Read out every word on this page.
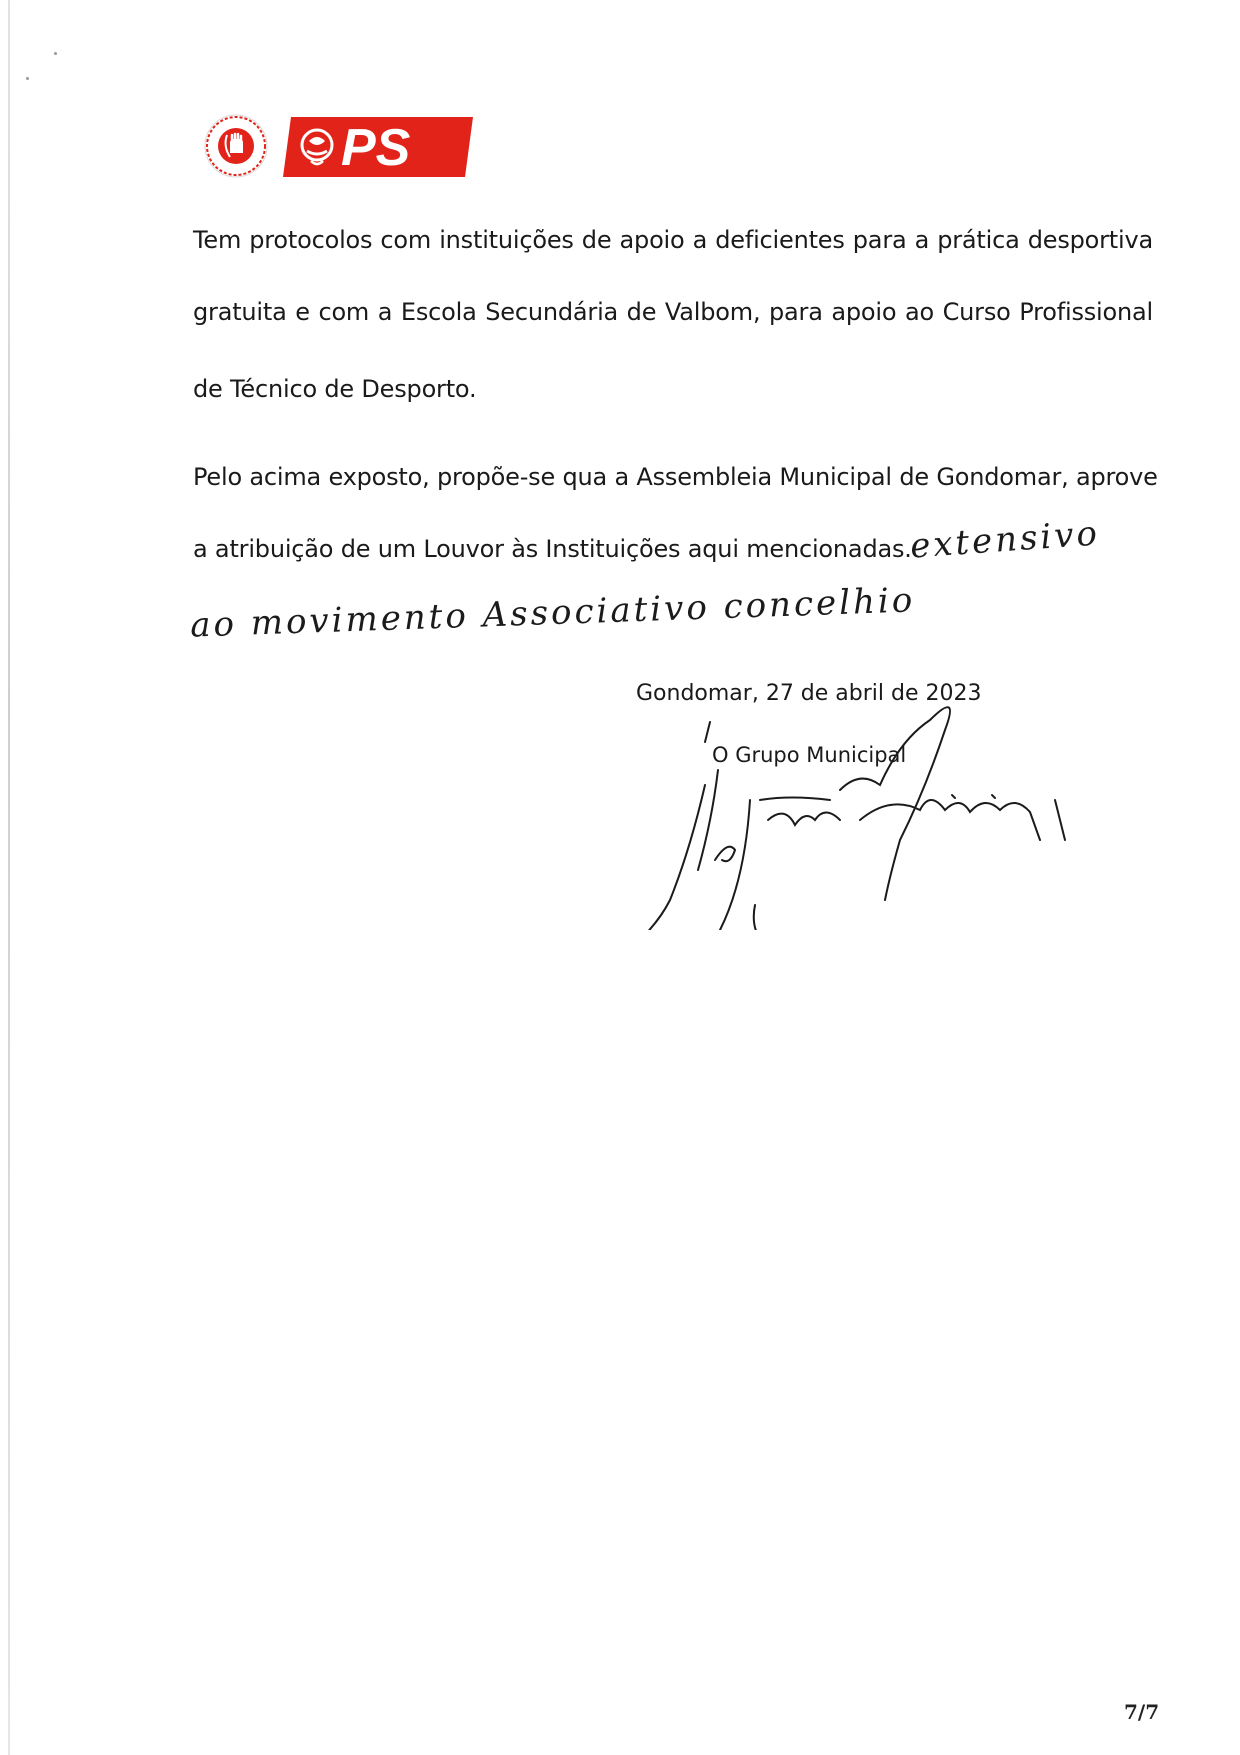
PS
Tem protocolos com instituições de apoio a deficientes para a prática desportiva
gratuita e com a Escola Secundária de Valbom, para apoio ao Curso Profissional
de Técnico de Desporto.
Pelo acima exposto, propõe-se qua a Assembleia Municipal de Gondomar, aprove
a atribuição de um Louvor às Instituições aqui mencionadas.
extensivo
ao movimento Associativo concelhio
Gondomar, 27 de abril de 2023
O Grupo Municipal
7/7
